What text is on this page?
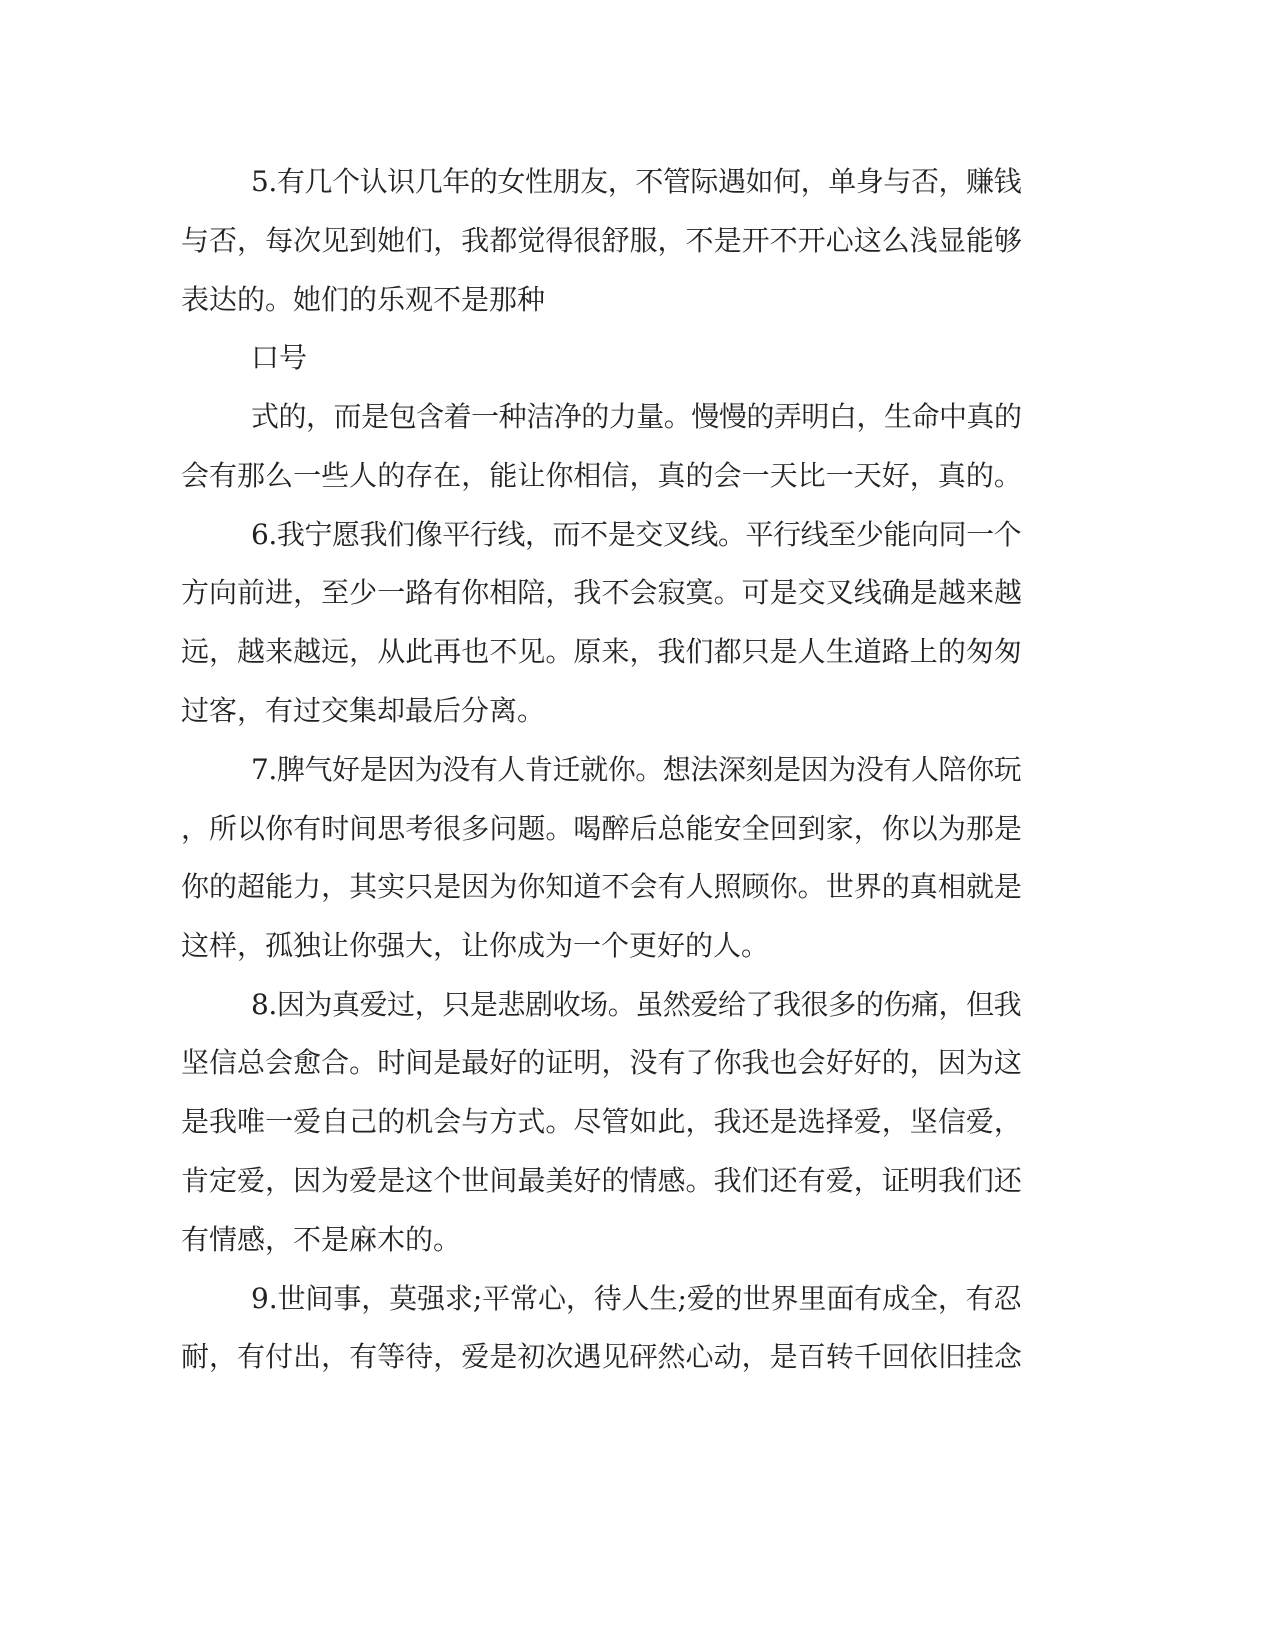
5.有几个认识几年的女性朋友，不管际遇如何，单身与否，赚钱
与否，每次见到她们，我都觉得很舒服，不是开不开心这么浅显能够
表达的。她们的乐观不是那种
口号
式的，而是包含着一种洁净的力量。慢慢的弄明白，生命中真的
会有那么一些人的存在，能让你相信，真的会一天比一天好，真的。
6.我宁愿我们像平行线，而不是交叉线。平行线至少能向同一个
方向前进，至少一路有你相陪，我不会寂寞。可是交叉线确是越来越
远，越来越远，从此再也不见。原来，我们都只是人生道路上的匆匆
过客，有过交集却最后分离。
7.脾气好是因为没有人肯迁就你。想法深刻是因为没有人陪你玩
，所以你有时间思考很多问题。喝醉后总能安全回到家，你以为那是
你的超能力，其实只是因为你知道不会有人照顾你。世界的真相就是
这样，孤独让你强大，让你成为一个更好的人。
8.因为真爱过，只是悲剧收场。虽然爱给了我很多的伤痛，但我
坚信总会愈合。时间是最好的证明，没有了你我也会好好的，因为这
是我唯一爱自己的机会与方式。尽管如此，我还是选择爱，坚信爱，
肯定爱，因为爱是这个世间最美好的情感。我们还有爱，证明我们还
有情感，不是麻木的。
9.世间事，莫强求;平常心，待人生;爱的世界里面有成全，有忍
耐，有付出，有等待，爱是初次遇见砰然心动，是百转千回依旧挂念
